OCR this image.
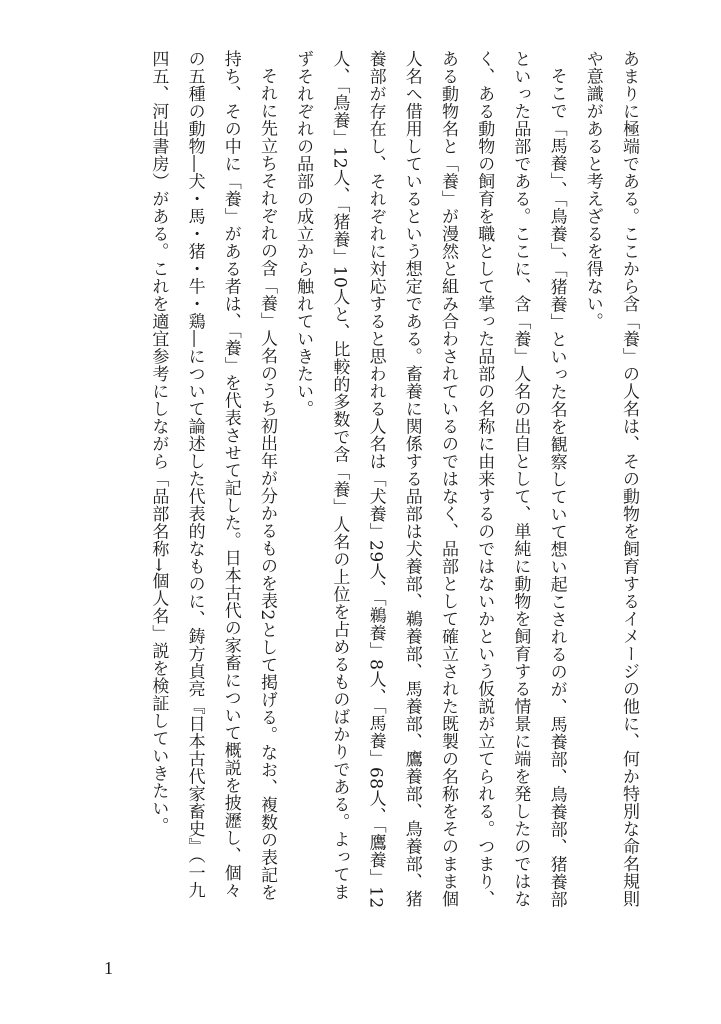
あまりに極端である。ここから含「養」の人名は、その動物を飼育するイメージの他に、何か特別な命名規則や意識があると考えざるを得ない。

そこで「馬養」、「鳥養」、「猪養」といった名を観察していて想い起こされるのが、馬養部、鳥養部、猪養部といった品部である。ここに、含「養」人名の出自として、単純に動物を飼育する情景に端を発したのではなく、ある動物の飼育を職として掌った品部の名称に由来するのではないかという仮説が立てられる。つまり、ある動物名と「養」が漫然と組み合わされているのではなく、品部として確立された既製の名称をそのまま個人名へ借用しているという想定である。畜養に関係する品部は犬養部、鵜養部、馬養部、鷹養部、鳥養部、猪養部が存在し、それぞれに対応すると思われる人名は「犬養」29人、「鵜養」8人、「馬養」68人、「鷹養」12人、「鳥養」12人、「猪養」10人と、比較的多数で含「養」人名の上位を占めるものばかりである。よってまずそれぞれの品部の成立から触れていきたい。

それに先立ちそれぞれの含「養」人名のうち初出年が分かるものを表2として掲げる。なお、複数の表記を持ち、その中に「養」がある者は、「養」を代表させて記した。日本古代の家畜について概説を披瀝し、個々の五種の動物―犬・馬・猪・牛・鶏―について論述した代表的なものに、鋳方貞亮『日本古代家畜史』（一九四五、河出書房）がある。これを適宜参考にしながら「品部名称→個人名」説を検証していきたい。

1
